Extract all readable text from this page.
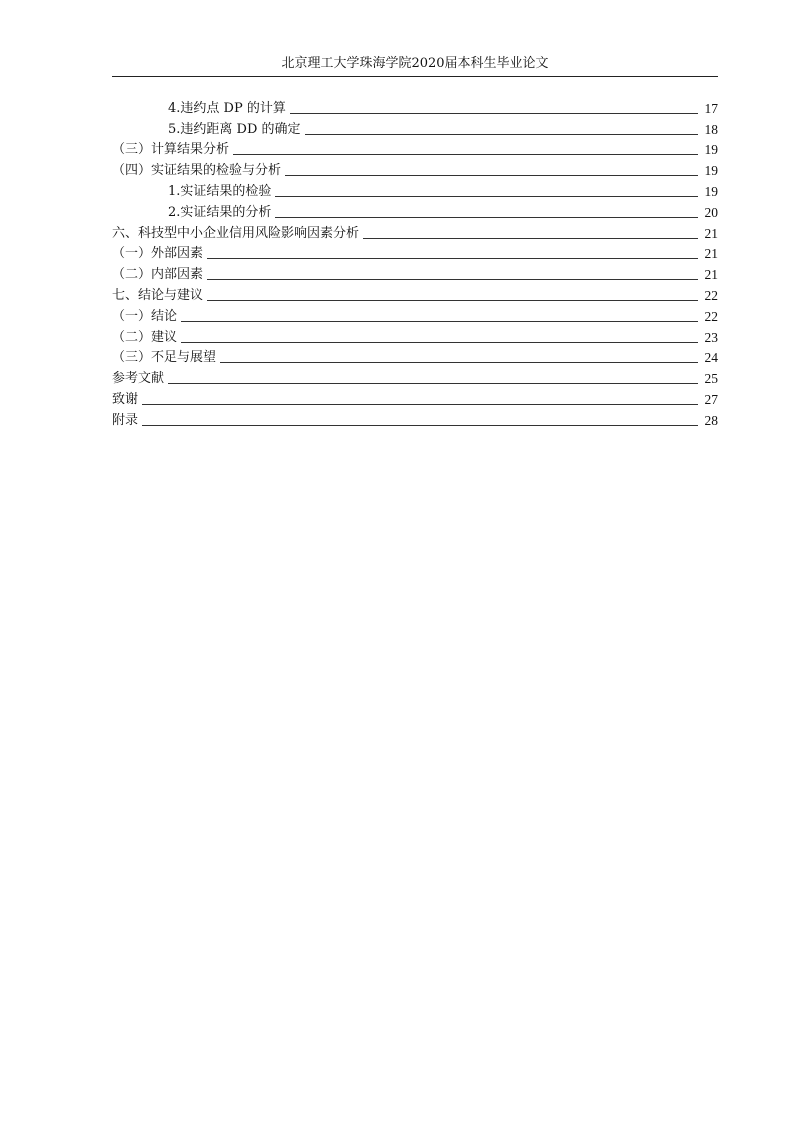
北京理工大学珠海学院2020届本科生毕业论文
4.违约点 DP 的计算	17
5.违约距离 DD 的确定	18
（三）计算结果分析	19
（四）实证结果的检验与分析	19
1.实证结果的检验	19
2.实证结果的分析	20
六、科技型中小企业信用风险影响因素分析	21
（一）外部因素	21
（二）内部因素	21
七、结论与建议	22
（一）结论	22
（二）建议	23
（三）不足与展望	24
参考文献	25
致谢	27
附录	28
